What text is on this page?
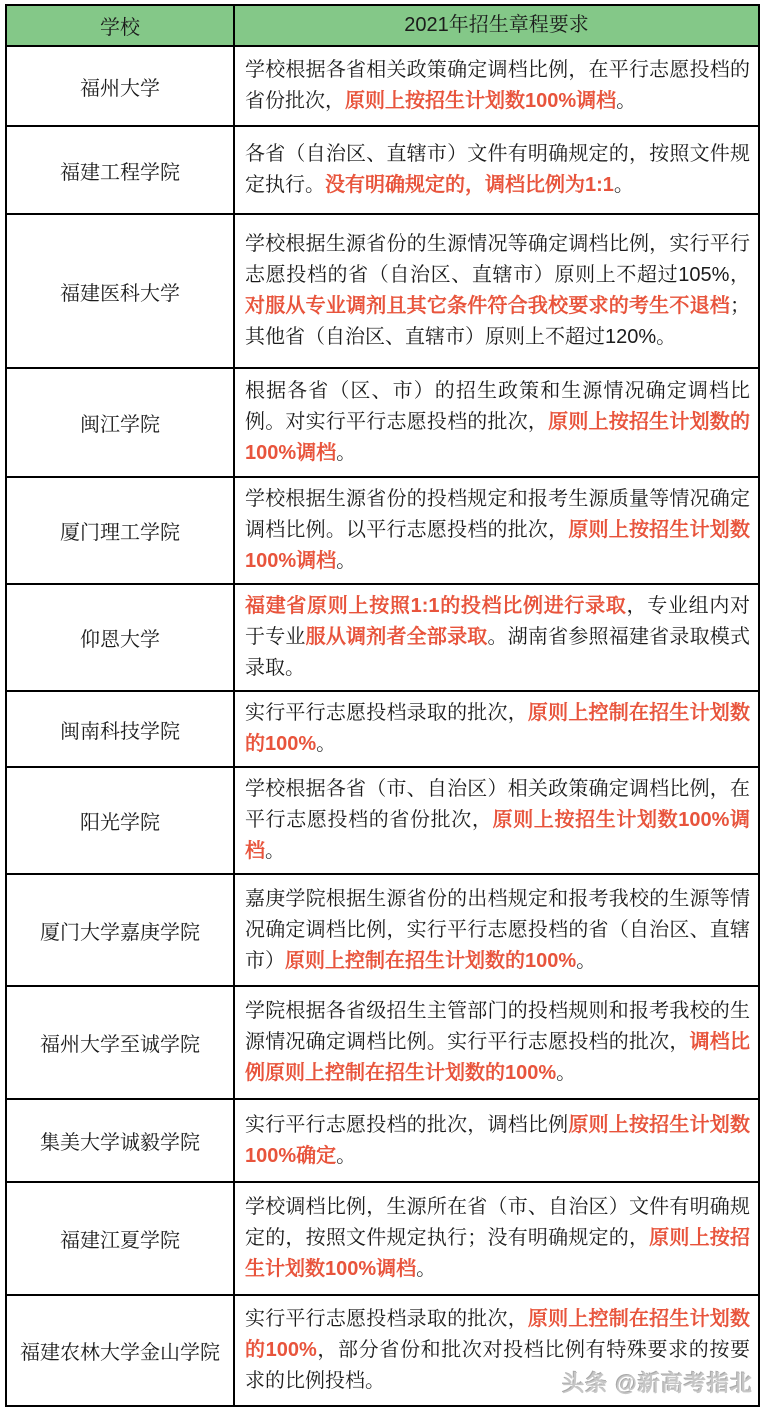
学校	2021年招生章程要求
福州大学
学校根据各省相关政策确定调档比例，在平行志愿投档的省份批次，原则上按招生计划数100%调档。
福建工程学院
各省（自治区、直辖市）文件有明确规定的，按照文件规定执行。没有明确规定的，调档比例为1:1。
福建医科大学
学校根据生源省份的生源情况等确定调档比例，实行平行志愿投档的省（自治区、直辖市）原则上不超过105%，对服从专业调剂且其它条件符合我校要求的考生不退档；其他省（自治区、直辖市）原则上不超过120%。
闽江学院
根据各省（区、市）的招生政策和生源情况确定调档比例。对实行平行志愿投档的批次，原则上按招生计划数的100%调档。
厦门理工学院
学校根据生源省份的投档规定和报考生源质量等情况确定调档比例。以平行志愿投档的批次，原则上按招生计划数100%调档。
仰恩大学
福建省原则上按照1:1的投档比例进行录取，专业组内对于专业服从调剂者全部录取。湖南省参照福建省录取模式录取。
闽南科技学院
实行平行志愿投档录取的批次，原则上控制在招生计划数的100%。
阳光学院
学校根据各省（市、自治区）相关政策确定调档比例，在平行志愿投档的省份批次，原则上按招生计划数100%调档。
厦门大学嘉庚学院
嘉庚学院根据生源省份的出档规定和报考我校的生源等情况确定调档比例，实行平行志愿投档的省（自治区、直辖市）原则上控制在招生计划数的100%。
福州大学至诚学院
学院根据各省级招生主管部门的投档规则和报考我校的生源情况确定调档比例。实行平行志愿投档的批次，调档比例原则上控制在招生计划数的100%。
集美大学诚毅学院
实行平行志愿投档的批次，调档比例原则上按招生计划数100%确定。
福建江夏学院
学校调档比例，生源所在省（市、自治区）文件有明确规定的，按照文件规定执行；没有明确规定的，原则上按招生计划数100%调档。
福建农林大学金山学院
实行平行志愿投档录取的批次，原则上控制在招生计划数的100%，部分省份和批次对投档比例有特殊要求的按要求的比例投档。	头条 @新高考指北
